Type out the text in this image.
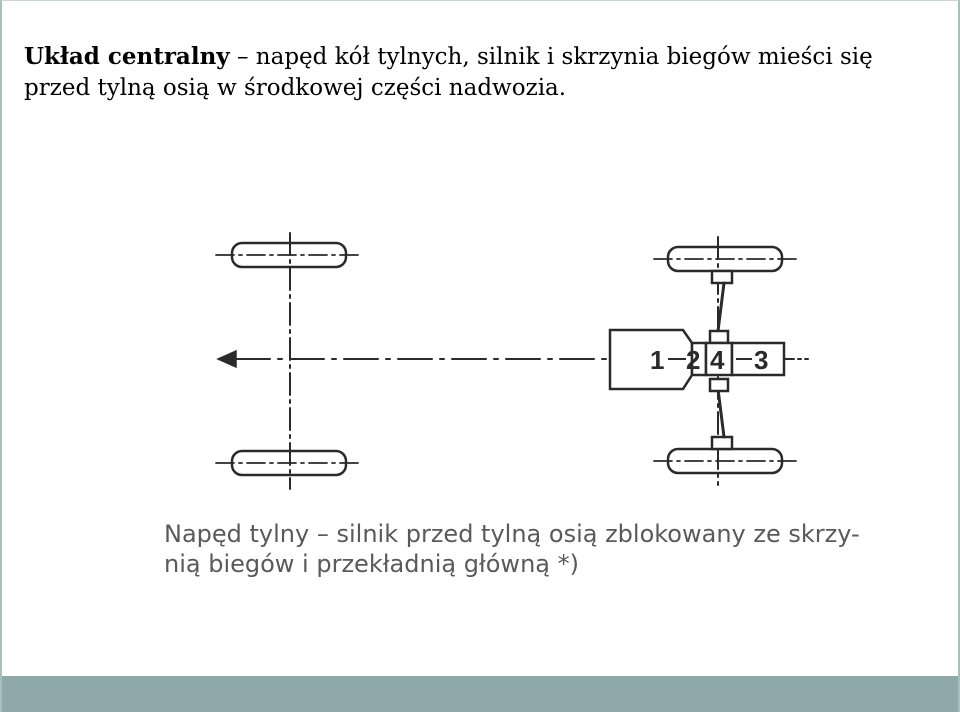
Układ centralny – napęd kół tylnych, silnik i skrzynia biegów mieści się przed tylną osią w środkowej części nadwozia.

1 2 4 3

Napęd tylny – silnik przed tylną osią zblokowany ze skrzy-
nią biegów i przekładnią główną *)
